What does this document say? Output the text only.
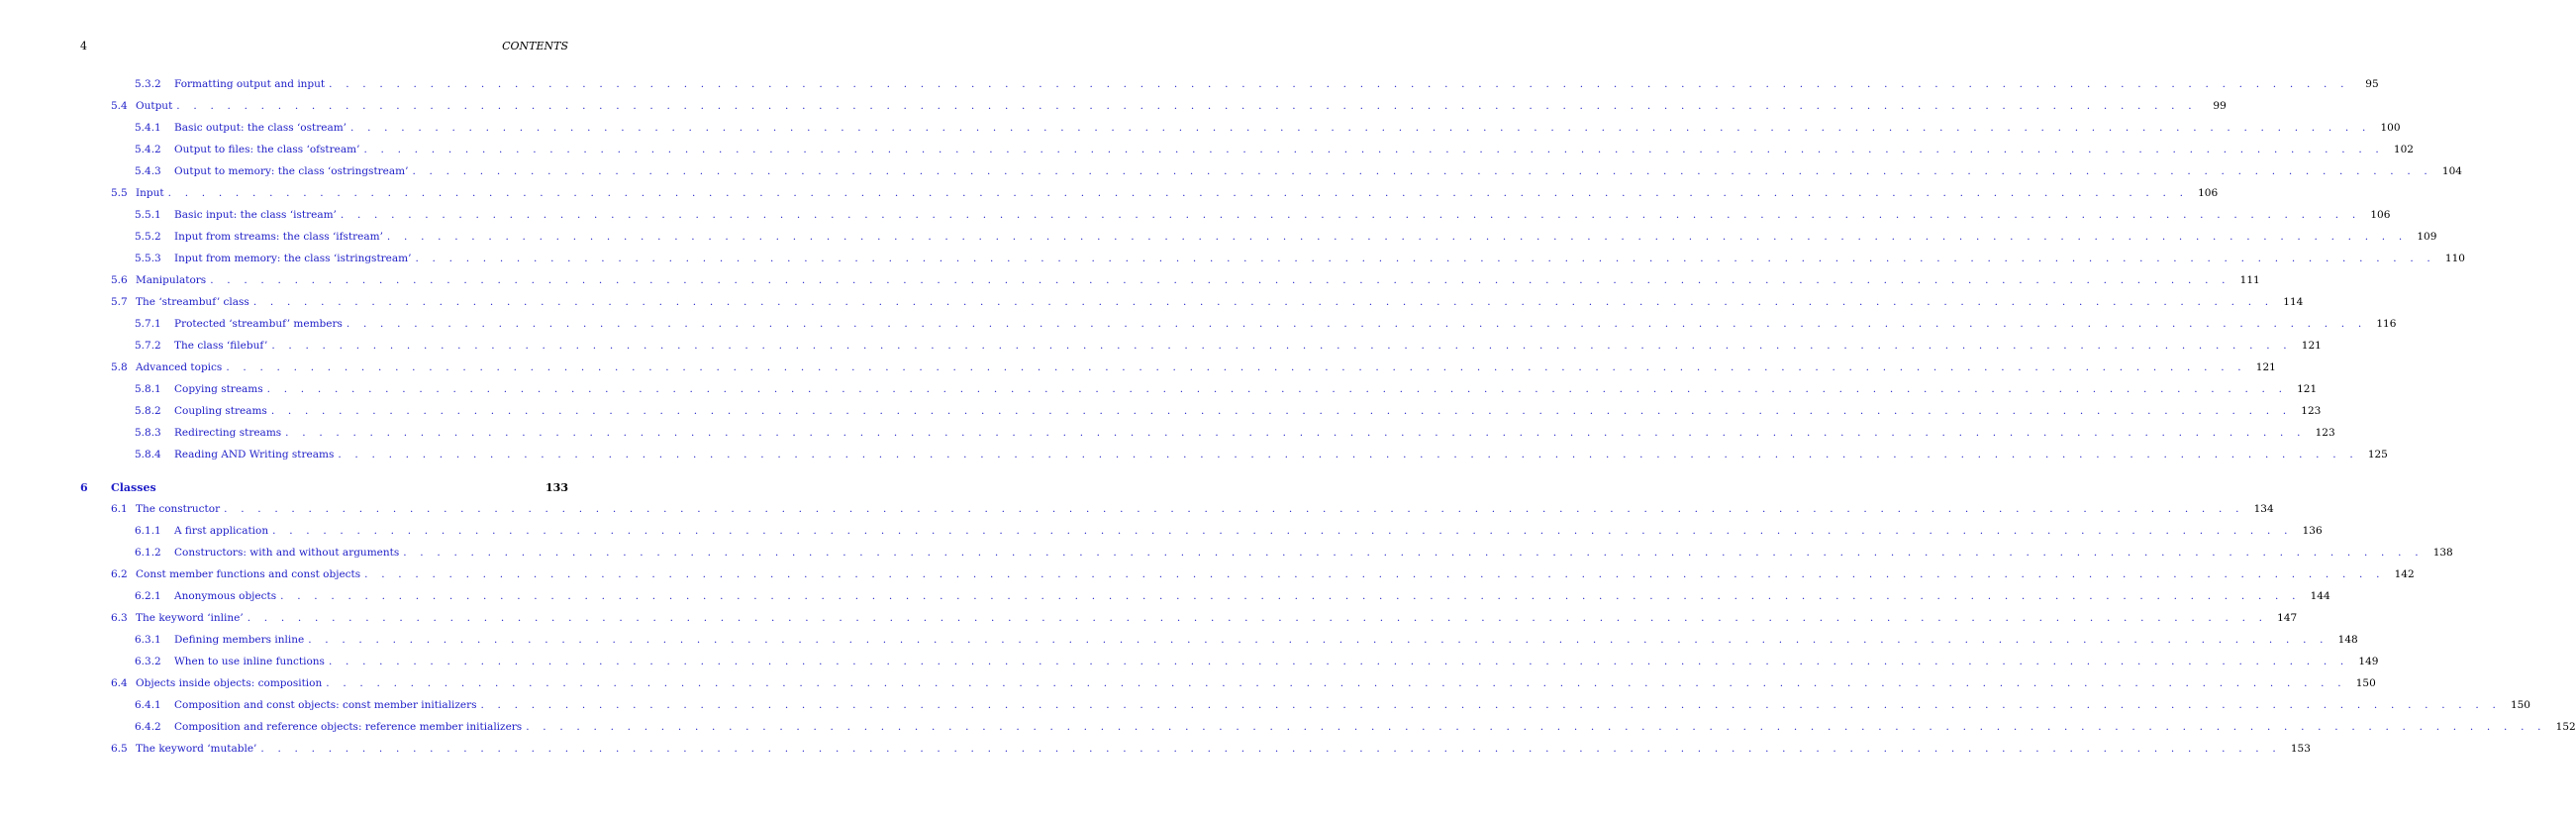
4	CONTENTS
5.3.2	Formatting output and input . . . . . . . . . . . . . . . . . . . . . . . . . . . . . . . . . . . . . . . . . . . . . . . . . . . . . . . . . . . . . . . . . . . . . . . . . . . . . . . . . . . . . . . . . . . . . . . . . . . . . . . . . . . . . . . . . . . . . . . .	95
5.4 Output . . . . . . . . . . . . . . . . . . . . . . . . . . . . . . . . . . . . . . . . . . . . . . . . . . . . . . . . . . . . . . . . . . . . . . . . . . . . . . . . . . . . . . . . . . . . . . . . . . . . . . . . . . . . . . . . . . . . . . . .	99
5.4.1	Basic output: the class ‘ostream’ . . . . . . . . . . . . . . . . . . . . . . . . . . . . . . . . . . . . . . . . . . . . . . . . . . . . . . . . . . . . . . . . . . . . . . . . . . . . . . . . . . . . . . . . . . . . . . . . . . . . . . . . . . . . . . . . . . . . . . . . 100
5.4.2	Output to files: the class ‘ofstream’ . . . . . . . . . . . . . . . . . . . . . . . . . . . . . . . . . . . . . . . . . . . . . . . . . . . . . . . . . . . . . . . . . . . . . . . . . . . . . . . . . . . . . . . . . . . . . . . . . . . . . . . . . . . . . . . . . . . . . . . . 102
5.4.3	Output to memory: the class ‘ostringstream’ . . . . . . . . . . . . . . . . . . . . . . . . . . . . . . . . . . . . . . . . . . . . . . . . . . . . . . . . . . . . . . . . . . . . . . . . . . . . . . . . . . . . . . . . . . . . . . . . . . . . . . . . . . . . . . . . . . . . . . . . 104
5.5 Input . . . . . . . . . . . . . . . . . . . . . . . . . . . . . . . . . . . . . . . . . . . . . . . . . . . . . . . . . . . . . . . . . . . . . . . . . . . . . . . . . . . . . . . . . . . . . . . . . . . . . . . . . . . . . . . . . . . . . . . . 106
5.5.1	Basic input: the class ‘istream’ . . . . . . . . . . . . . . . . . . . . . . . . . . . . . . . . . . . . . . . . . . . . . . . . . . . . . . . . . . . . . . . . . . . . . . . . . . . . . . . . . . . . . . . . . . . . . . . . . . . . . . . . . . . . . . . . . . . . . . . . 106
5.5.2	Input from streams: the class ‘ifstream’ . . . . . . . . . . . . . . . . . . . . . . . . . . . . . . . . . . . . . . . . . . . . . . . . . . . . . . . . . . . . . . . . . . . . . . . . . . . . . . . . . . . . . . . . . . . . . . . . . . . . . . . . . . . . . . . . . . . . . . . . 109
5.5.3	Input from memory: the class ‘istringstream’ . . . . . . . . . . . . . . . . . . . . . . . . . . . . . . . . . . . . . . . . . . . . . . . . . . . . . . . . . . . . . . . . . . . . . . . . . . . . . . . . . . . . . . . . . . . . . . . . . . . . . . . . . . . . . . . . . . . . . . . . 110
5.6 Manipulators . . . . . . . . . . . . . . . . . . . . . . . . . . . . . . . . . . . . . . . . . . . . . . . . . . . . . . . . . . . . . . . . . . . . . . . . . . . . . . . . . . . . . . . . . . . . . . . . . . . . . . . . . . . . . . . . . . . . . . . . 111
5.7 The ‘streambuf’ class . . . . . . . . . . . . . . . . . . . . . . . . . . . . . . . . . . . . . . . . . . . . . . . . . . . . . . . . . . . . . . . . . . . . . . . . . . . . . . . . . . . . . . . . . . . . . . . . . . . . . . . . . . . . . . . . . . . . . . . . 114
5.7.1	Protected ‘streambuf’ members . . . . . . . . . . . . . . . . . . . . . . . . . . . . . . . . . . . . . . . . . . . . . . . . . . . . . . . . . . . . . . . . . . . . . . . . . . . . . . . . . . . . . . . . . . . . . . . . . . . . . . . . . . . . . . . . . . . . . . . . 116
5.7.2	The class ‘filebuf’ . . . . . . . . . . . . . . . . . . . . . . . . . . . . . . . . . . . . . . . . . . . . . . . . . . . . . . . . . . . . . . . . . . . . . . . . . . . . . . . . . . . . . . . . . . . . . . . . . . . . . . . . . . . . . . . . . . . . . . . . 121
5.8 Advanced topics . . . . . . . . . . . . . . . . . . . . . . . . . . . . . . . . . . . . . . . . . . . . . . . . . . . . . . . . . . . . . . . . . . . . . . . . . . . . . . . . . . . . . . . . . . . . . . . . . . . . . . . . . . . . . . . . . . . . . . . . 121
5.8.1	Copying streams . . . . . . . . . . . . . . . . . . . . . . . . . . . . . . . . . . . . . . . . . . . . . . . . . . . . . . . . . . . . . . . . . . . . . . . . . . . . . . . . . . . . . . . . . . . . . . . . . . . . . . . . . . . . . . . . . . . . . . . . 121
5.8.2	Coupling streams . . . . . . . . . . . . . . . . . . . . . . . . . . . . . . . . . . . . . . . . . . . . . . . . . . . . . . . . . . . . . . . . . . . . . . . . . . . . . . . . . . . . . . . . . . . . . . . . . . . . . . . . . . . . . . . . . . . . . . . . 123
5.8.3	Redirecting streams . . . . . . . . . . . . . . . . . . . . . . . . . . . . . . . . . . . . . . . . . . . . . . . . . . . . . . . . . . . . . . . . . . . . . . . . . . . . . . . . . . . . . . . . . . . . . . . . . . . . . . . . . . . . . . . . . . . . . . . . 123
5.8.4	Reading AND Writing streams . . . . . . . . . . . . . . . . . . . . . . . . . . . . . . . . . . . . . . . . . . . . . . . . . . . . . . . . . . . . . . . . . . . . . . . . . . . . . . . . . . . . . . . . . . . . . . . . . . . . . . . . . . . . . . . . . . . . . . . . 125
6	Classes	133
6.1 The constructor . . . . . . . . . . . . . . . . . . . . . . . . . . . . . . . . . . . . . . . . . . . . . . . . . . . . . . . . . . . . . . . . . . . . . . . . . . . . . . . . . . . . . . . . . . . . . . . . . . . . . . . . . . . . . . . . . . . . . . . . 134
6.1.1	A first application . . . . . . . . . . . . . . . . . . . . . . . . . . . . . . . . . . . . . . . . . . . . . . . . . . . . . . . . . . . . . . . . . . . . . . . . . . . . . . . . . . . . . . . . . . . . . . . . . . . . . . . . . . . . . . . . . . . . . . . . 136
6.1.2	Constructors: with and without arguments . . . . . . . . . . . . . . . . . . . . . . . . . . . . . . . . . . . . . . . . . . . . . . . . . . . . . . . . . . . . . . . . . . . . . . . . . . . . . . . . . . . . . . . . . . . . . . . . . . . . . . . . . . . . . . . . . . . . . . . . 138
6.2 Const member functions and const objects . . . . . . . . . . . . . . . . . . . . . . . . . . . . . . . . . . . . . . . . . . . . . . . . . . . . . . . . . . . . . . . . . . . . . . . . . . . . . . . . . . . . . . . . . . . . . . . . . . . . . . . . . . . . . . . . . . . . . . . . 142
6.2.1	Anonymous objects . . . . . . . . . . . . . . . . . . . . . . . . . . . . . . . . . . . . . . . . . . . . . . . . . . . . . . . . . . . . . . . . . . . . . . . . . . . . . . . . . . . . . . . . . . . . . . . . . . . . . . . . . . . . . . . . . . . . . . . . 144
6.3 The keyword ‘inline’ . . . . . . . . . . . . . . . . . . . . . . . . . . . . . . . . . . . . . . . . . . . . . . . . . . . . . . . . . . . . . . . . . . . . . . . . . . . . . . . . . . . . . . . . . . . . . . . . . . . . . . . . . . . . . . . . . . . . . . . . 147
6.3.1	Defining members inline . . . . . . . . . . . . . . . . . . . . . . . . . . . . . . . . . . . . . . . . . . . . . . . . . . . . . . . . . . . . . . . . . . . . . . . . . . . . . . . . . . . . . . . . . . . . . . . . . . . . . . . . . . . . . . . . . . . . . . . . 148
6.3.2	When to use inline functions . . . . . . . . . . . . . . . . . . . . . . . . . . . . . . . . . . . . . . . . . . . . . . . . . . . . . . . . . . . . . . . . . . . . . . . . . . . . . . . . . . . . . . . . . . . . . . . . . . . . . . . . . . . . . . . . . . . . . . . . 149
6.4 Objects inside objects: composition . . . . . . . . . . . . . . . . . . . . . . . . . . . . . . . . . . . . . . . . . . . . . . . . . . . . . . . . . . . . . . . . . . . . . . . . . . . . . . . . . . . . . . . . . . . . . . . . . . . . . . . . . . . . . . . . . . . . . . . . 150
6.4.1	Composition and const objects: const member initializers . . . . . . . . . . . . . . . . . . . . . . . . . . . . . . . . . . . . . . . . . . . . . . . . . . . . . . . . . . . . . . . . . . . . . . . . . . . . . . . . . . . . . . . . . . . . . . . . . . . . . . . . . . . . . . . . . . . . . . . . 150
6.4.2	Composition and reference objects: reference member initializers . . . . . . . . . . . . . . . . . . . . . . . . . . . . . . . . . . . . . . . . . . . . . . . . . . . . . . . . . . . . . . . . . . . . . . . . . . . . . . . . . . . . . . . . . . . . . . . . . . . . . . . . . . . . . . . . . . . . . . . . 152
6.5 The keyword ‘mutable’ . . . . . . . . . . . . . . . . . . . . . . . . . . . . . . . . . . . . . . . . . . . . . . . . . . . . . . . . . . . . . . . . . . . . . . . . . . . . . . . . . . . . . . . . . . . . . . . . . . . . . . . . . . . . . . . . . . . . . . . . 153
